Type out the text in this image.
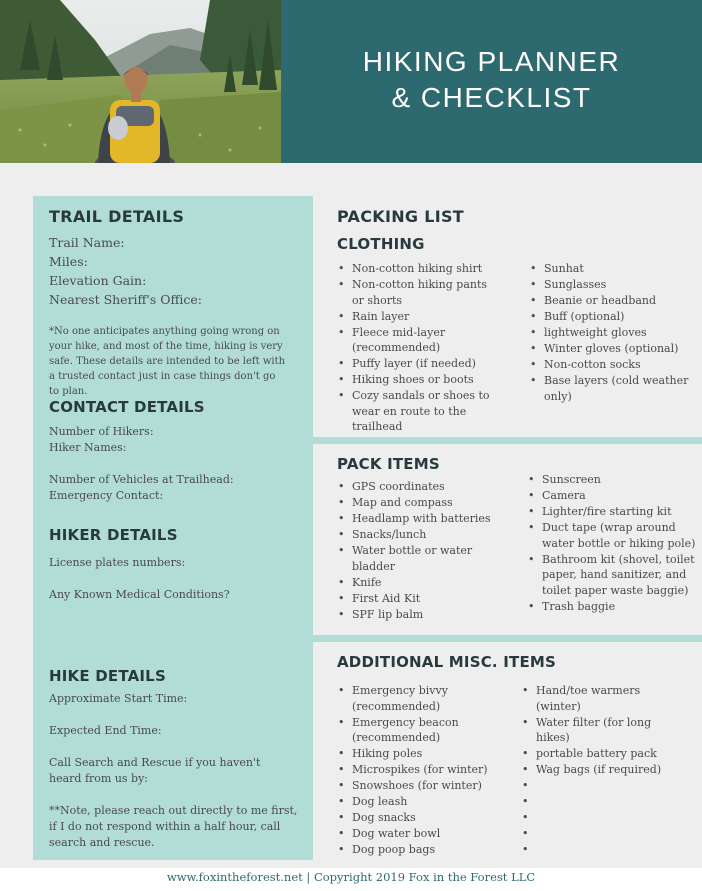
HIKING PLANNER
& CHECKLIST
TRAIL DETAILS
Trail Name:
Miles:
Elevation Gain:
Nearest Sheriff's Office:
*No one anticipates anything going wrong on
your hike, and most of the time, hiking is very
safe. These details are intended to be left with
a trusted contact just in case things don't go
to plan.
CONTACT DETAILS
Number of Hikers:
Hiker Names:

Number of Vehicles at Trailhead:
Emergency Contact:
HIKER DETAILS
License plates numbers:

Any Known Medical Conditions?
HIKE DETAILS
Approximate Start Time:

Expected End Time:

Call Search and Rescue if you haven't
heard from us by:

**Note, please reach out directly to me first,
if I do not respond within a half hour, call
search and rescue.
PACKING LIST
CLOTHING
• Non-cotton hiking shirt
• Non-cotton hiking pants
or shorts
• Rain layer
• Fleece mid-layer
(recommended)
• Puffy layer (if needed)
• Hiking shoes or boots
• Cozy sandals or shoes to
wear en route to the
trailhead
• Sunhat
• Sunglasses
• Beanie or headband
• Buff (optional)
• lightweight gloves
• Winter gloves (optional)
• Non-cotton socks
• Base layers (cold weather
only)
PACK ITEMS
• GPS coordinates
• Map and compass
• Headlamp with batteries
• Snacks/lunch
• Water bottle or water
bladder
• Knife
• First Aid Kit
• SPF lip balm
• Sunscreen
• Camera
• Lighter/fire starting kit
• Duct tape (wrap around
water bottle or hiking pole)
• Bathroom kit (shovel, toilet
paper, hand sanitizer, and
toilet paper waste baggie)
• Trash baggie
ADDITIONAL MISC. ITEMS
• Emergency bivvy
(recommended)
• Emergency beacon
(recommended)
• Hiking poles
• Microspikes (for winter)
• Snowshoes (for winter)
• Dog leash
• Dog snacks
• Dog water bowl
• Dog poop bags
• Hand/toe warmers
(winter)
• Water filter (for long
hikes)
• portable battery pack
• Wag bags (if required)
•

•

•

•

•

www.foxintheforest.net | Copyright 2019 Fox in the Forest LLC
